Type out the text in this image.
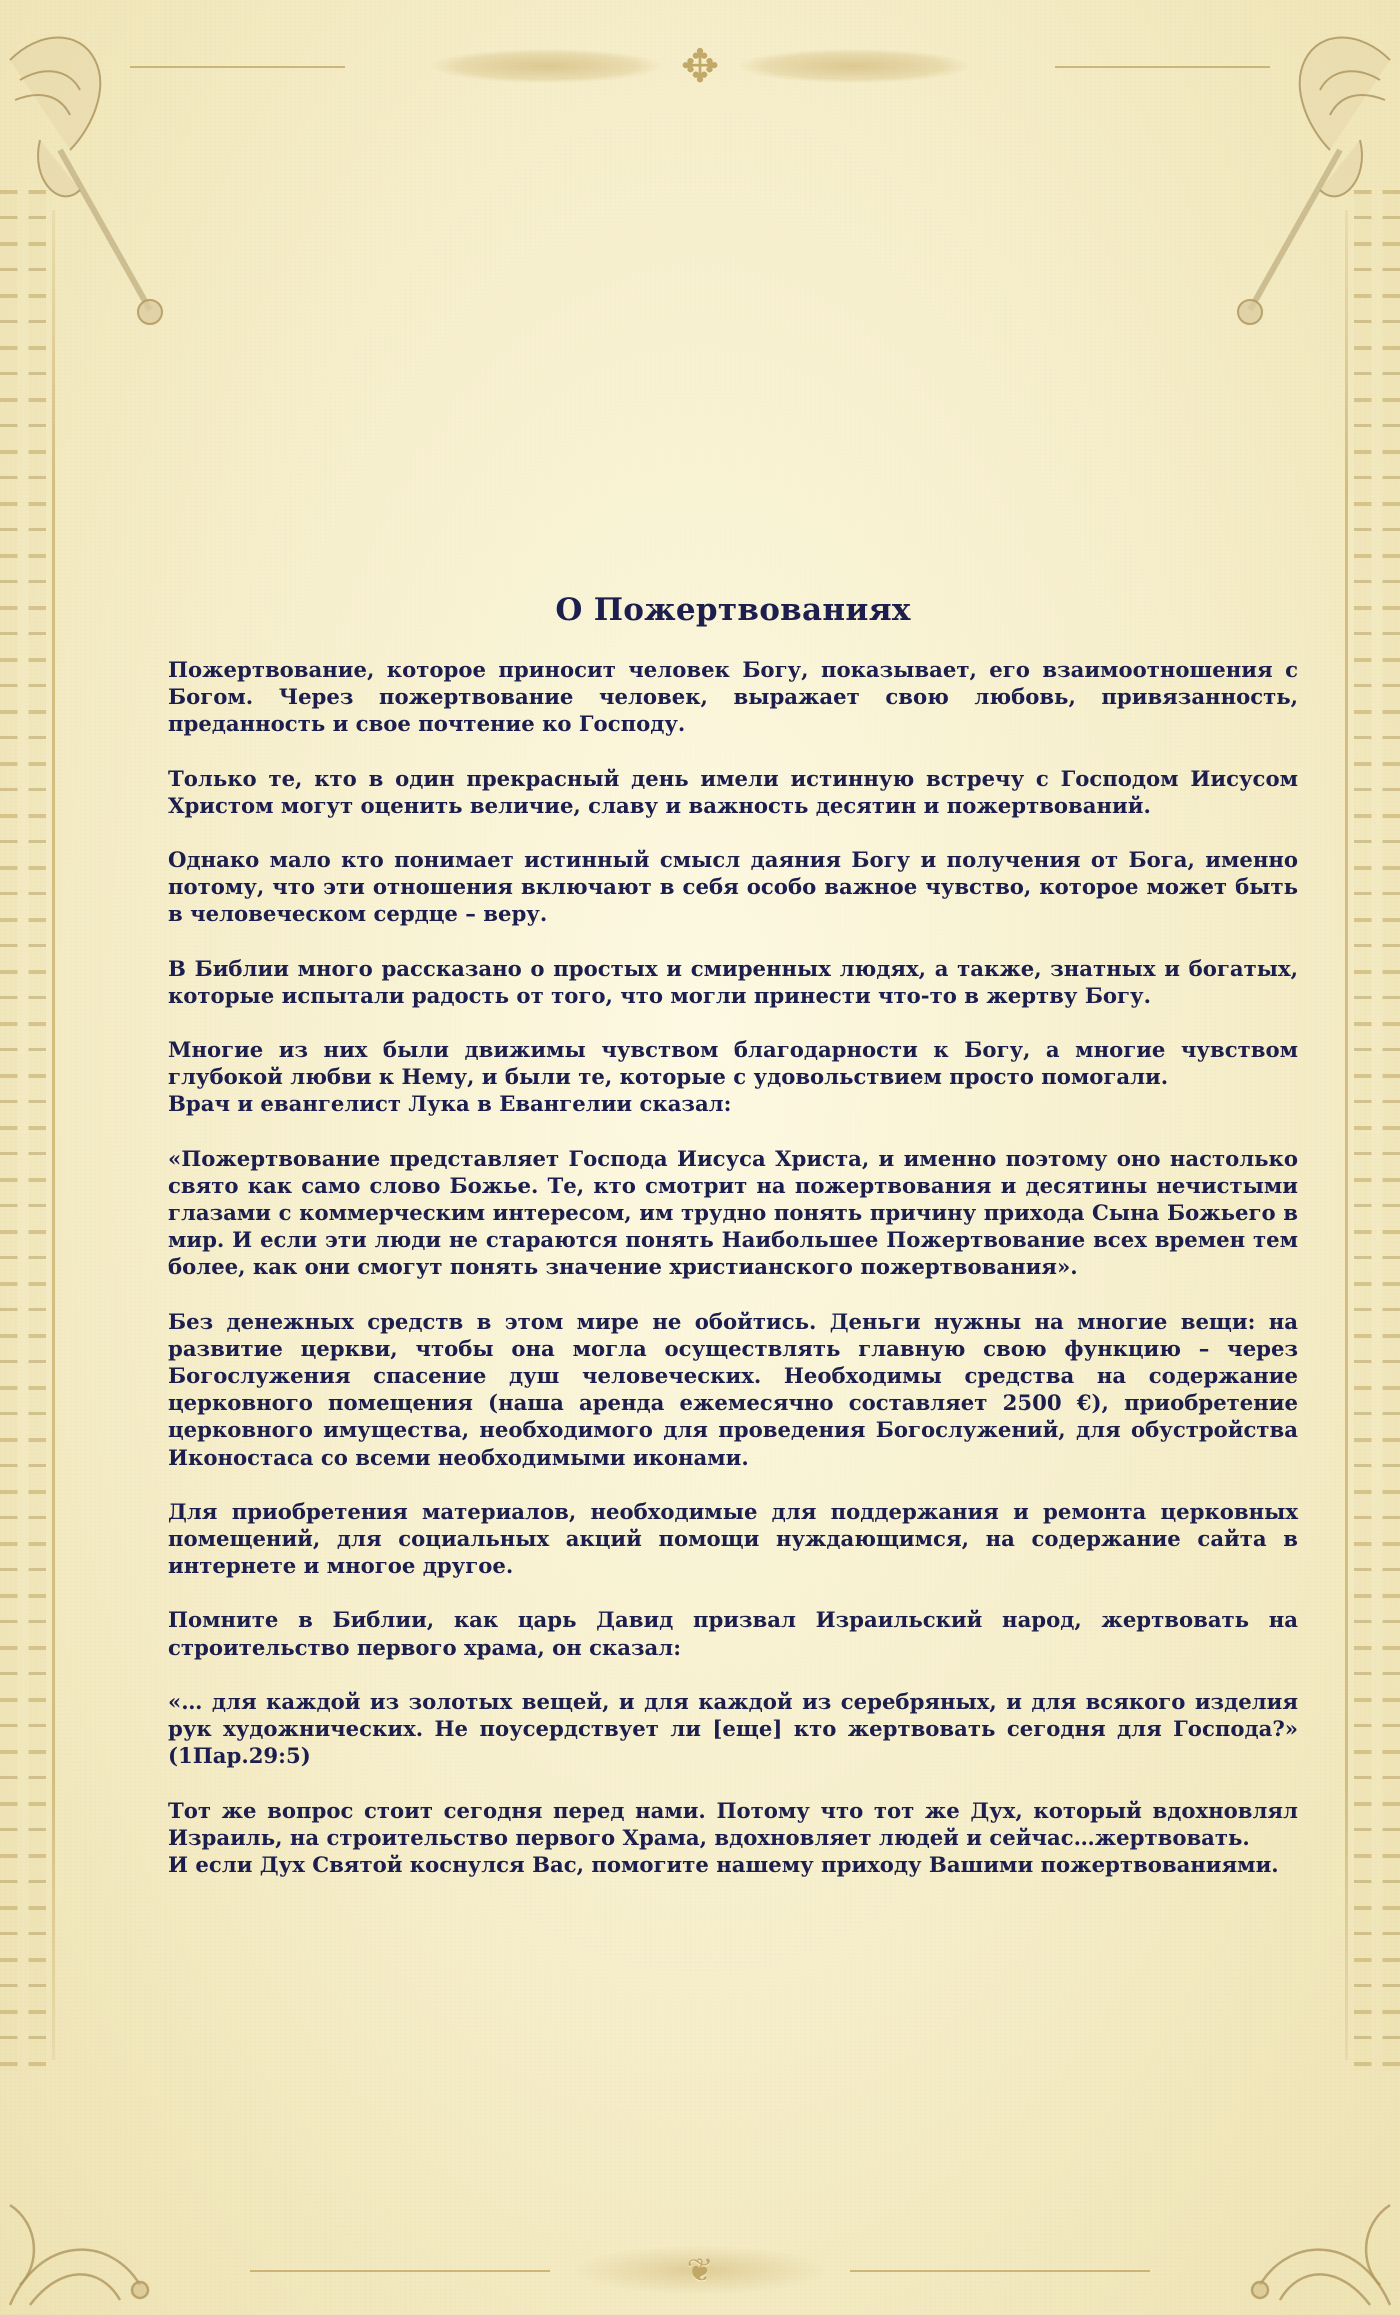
✥
❦
О Пожертвованиях

Пожертвование, которое приносит человек Богу, показывает, его взаимоотношения с Богом. Через пожертвование человек, выражает свою любовь, привязанность, преданность и свое почтение ко Господу.

Только те, кто в один прекрасный день имели истинную встречу с Господом Иисусом Христом могут оценить величие, славу и важность десятин и пожертвований.

Однако мало кто понимает истинный смысл даяния Богу и получения от Бога, именно потому, что эти отношения включают в себя особо важное чувство, которое может быть в человеческом сердце – веру.

В Библии много рассказано о простых и смиренных людях, а также, знатных и богатых, которые испытали радость от того, что могли принести что-то в жертву Богу.

Многие из них были движимы чувством благодарности к Богу, а многие чувством глубокой любви к Нему, и были те, которые с удовольствием просто помогали.

Врач и евангелист Лука в Евангелии сказал:

«Пожертвование представляет Господа Иисуса Христа, и именно поэтому оно настолько свято как само слово Божье. Те, кто смотрит на пожертвования и десятины нечистыми глазами с коммерческим интересом, им трудно понять причину прихода Сына Божьего в мир. И если эти люди не стараются понять Наибольшее Пожертвование всех времен тем более, как они смогут понять значение христианского пожертвования».

Без денежных средств в этом мире не обойтись. Деньги нужны на многие вещи: на развитие церкви, чтобы она могла осуществлять главную свою функцию – через Богослужения спасение душ человеческих. Необходимы средства на содержание церковного помещения (наша аренда ежемесячно составляет 2500 €), приобретение церковного имущества, необходимого для проведения Богослужений, для обустройства Иконостаса со всеми необходимыми иконами.

Для приобретения материалов, необходимые для поддержания и ремонта церковных помещений, для социальных акций помощи нуждающимся, на содержание сайта в интернете и многое другое.

Помните в Библии, как царь Давид призвал Израильский народ, жертвовать на строительство первого храма, он сказал:

«… для каждой из золотых вещей, и для каждой из серебряных, и для всякого изделия рук художнических. Не поусердствует ли [еще] кто жертвовать сегодня для Господа?» (1Пар.29:5)

Тот же вопрос стоит сегодня перед нами. Потому что тот же Дух, который вдохновлял Израиль, на строительство первого Храма, вдохновляет людей и сейчас…жертвовать.

И если Дух Святой коснулся Вас, помогите нашему приходу Вашими пожертвованиями.
